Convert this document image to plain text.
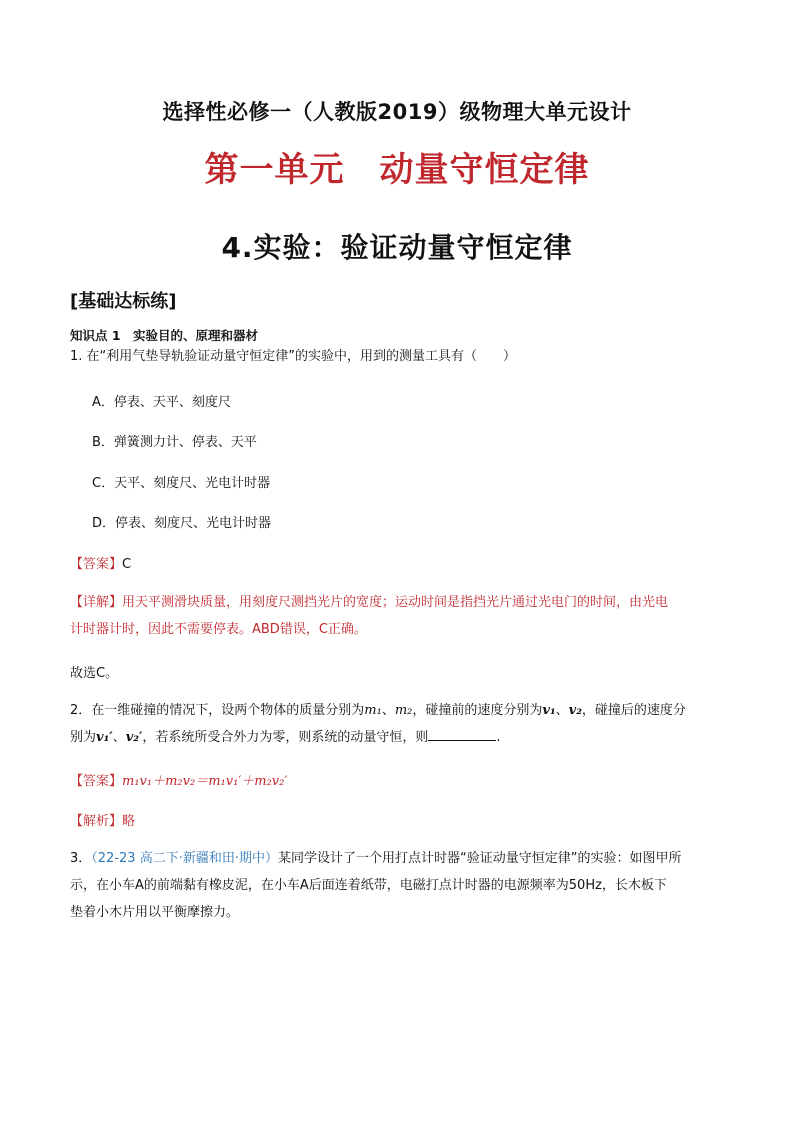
选择性必修一（人教版2019）级物理大单元设计
第一单元　动量守恒定律
4.实验：验证动量守恒定律
[基础达标练]
知识点 1　实验目的、原理和器材
1. 在“利用气垫导轨验证动量守恒定律”的实验中，用到的测量工具有（　　）
A．停表、天平、刻度尺
B．弹簧测力计、停表、天平
C．天平、刻度尺、光电计时器
D．停表、刻度尺、光电计时器
【答案】C
【详解】用天平测滑块质量，用刻度尺测挡光片的宽度；运动时间是指挡光片通过光电门的时间，由光电
计时器计时，因此不需要停表。ABD错误，C正确。
故选C。
2．在一维碰撞的情况下，设两个物体的质量分别为m₁、m₂，碰撞前的速度分别为v₁、v₂，碰撞后的速度分
别为v₁′、v₂′，若系统所受合外力为零，则系统的动量守恒，则	.
【答案】m₁v₁＋m₂v₂＝m₁v₁′＋m₂v₂′
【解析】略
3．（22-23 高二下·新疆和田·期中）某同学设计了一个用打点计时器“验证动量守恒定律”的实验：如图甲所
示，在小车A的前端黏有橡皮泥，在小车A后面连着纸带，电磁打点计时器的电源频率为50Hz，长木板下
垫着小木片用以平衡摩擦力。
